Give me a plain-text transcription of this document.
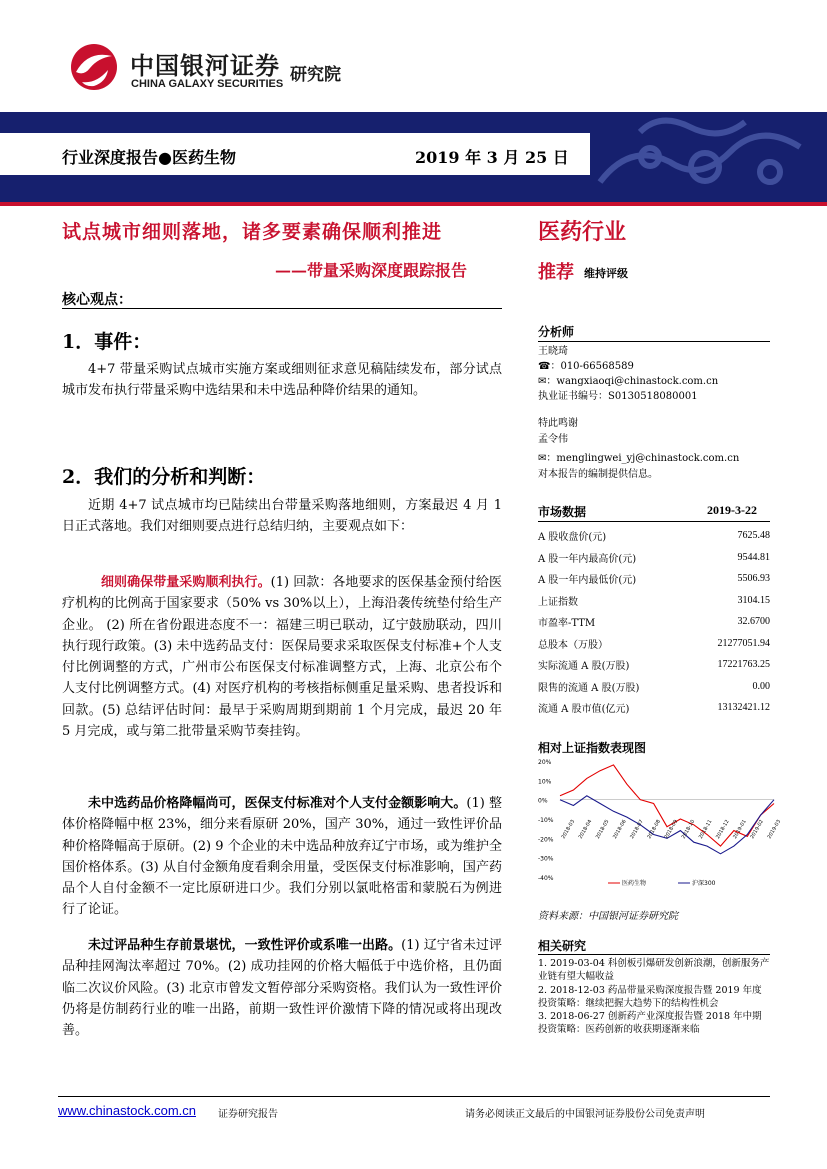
中国银河证券
CHINA GALAXY SECURITIES 研究院
行业深度报告●医药生物	2019 年 3 月 25 日
试点城市细则落地，诸多要素确保顺利推进
——带量采购深度跟踪报告
医药行业
推荐 维持评级
核心观点：
1．事件：
4+7 带量采购试点城市实施方案或细则征求意见稿陆续发布，部分试点城市发布执行带量采购中选结果和未中选品种降价结果的通知。
2．我们的分析和判断：
近期 4+7 试点城市均已陆续出台带量采购落地细则，方案最迟 4 月 1 日正式落地。我们对细则要点进行总结归纳，主要观点如下：
细则确保带量采购顺利执行。(1) 回款：各地要求的医保基金预付给医疗机构的比例高于国家要求（50% vs 30%以上），上海沿袭传统垫付给生产企业。 (2) 所在省份跟进态度不一：福建三明已联动，辽宁鼓励联动，四川执行现行政策。(3) 未中选药品支付：医保局要求采取医保支付标准+个人支付比例调整的方式，广州市公布医保支付标准调整方式，上海、北京公布个人支付比例调整方式。(4) 对医疗机构的考核指标侧重足量采购、患者投诉和回款。(5) 总结评估时间：最早于采购周期到期前 1 个月完成，最迟 20 年 5 月完成，或与第二批带量采购节奏挂钩。
未中选药品价格降幅尚可，医保支付标准对个人支付金额影响大。(1) 整体价格降幅中枢 23%，细分来看原研 20%，国产 30%，通过一致性评价品种价格降幅高于原研。(2) 9 个企业的未中选品种放弃辽宁市场，或为维护全国价格体系。(3) 从自付金额角度看剩余用量，受医保支付标准影响，国产药品个人自付金额不一定比原研进口少。我们分别以氯吡格雷和蒙脱石为例进行了论证。
未过评品种生存前景堪忧，一致性评价或系唯一出路。(1) 辽宁省未过评品种挂网淘汰率超过 70%。(2) 成功挂网的价格大幅低于中选价格，且仍面临二次议价风险。(3) 北京市曾发文暂停部分采购资格。我们认为一致性评价仍将是仿制药行业的唯一出路，前期一致性评价激情下降的情况或将出现改善。
分析师
王晓琦
☎：010-66568589
✉：wangxiaoqi@chinastock.com.cn
执业证书编号：S0130518080001
特此鸣谢
孟令伟
✉：menglingwei_yj@chinastock.com.cn
对本报告的编制提供信息。
市场数据	2019-3-22
A 股收盘价(元)	7625.48
A 股一年内最高价(元)	9544.81
A 股一年内最低价(元)	5506.93
上证指数	3104.15
市盈率-TTM	32.6700
总股本（万股）	21277051.94
实际流通 A 股(万股)	17221763.25
限售的流通 A 股(万股)	0.00
流通 A 股市值(亿元)	13132421.12
相对上证指数表现图
20%
10%
0%
-10%
-20%
-30%
-40%
2018-03 2018-04 2018-05 2018-06 2018-07 2018-08 2018-09 2018-10 2018-11 2018-12 2019-01 2019-02 2019-03
医药生物	沪深300
资料来源：中国银河证券研究院
相关研究
1. 2019-03-04 科创板引爆研发创新浪潮，创新服务产业链有望大幅收益
2. 2018-12-03 药品带量采购深度报告暨 2019 年度投资策略：继续把握大趋势下的结构性机会
3. 2018-06-27 创新药产业深度报告暨 2018 年中期投资策略：医药创新的收获期逐渐来临
www.chinastock.com.cn 证券研究报告	请务必阅读正文最后的中国银河证券股份公司免责声明
